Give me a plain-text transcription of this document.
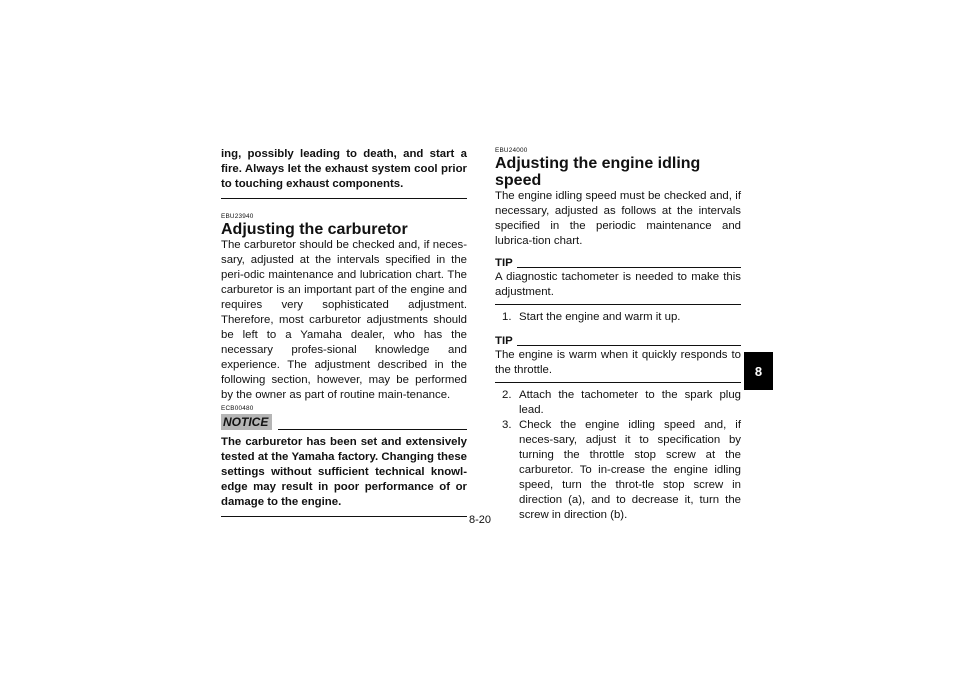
ing, possibly leading to death, and start a fire. Always let the exhaust system cool prior to touching exhaust components.

EBU23940
Adjusting the carburetor

The carburetor should be checked and, if neces-sary, adjusted at the intervals specified in the peri-odic maintenance and lubrication chart. The carburetor is an important part of the engine and requires very sophisticated adjustment. Therefore, most carburetor adjustments should be left to a Yamaha dealer, who has the necessary profes-sional knowledge and experience. The adjustment described in the following section, however, may be performed by the owner as part of routine main-tenance.

ECB00480
NOTICE

The carburetor has been set and extensively tested at the Yamaha factory. Changing these settings without sufficient technical knowl-edge may result in poor performance of or damage to the engine.

EBU24000
Adjusting the engine idling speed

The engine idling speed must be checked and, if necessary, adjusted as follows at the intervals specified in the periodic maintenance and lubrica-tion chart.

TIP

A diagnostic tachometer is needed to make this adjustment.

1. Start the engine and warm it up.
TIP

The engine is warm when it quickly responds to the throttle.

2. Attach the tachometer to the spark plug lead.
3. Check the engine idling speed and, if neces-sary, adjust it to specification by turning the throttle stop screw at the carburetor. To in-crease the engine idling speed, turn the throt-tle stop screw in direction (a), and to decrease it, turn the screw in direction (b).
8
8-20
